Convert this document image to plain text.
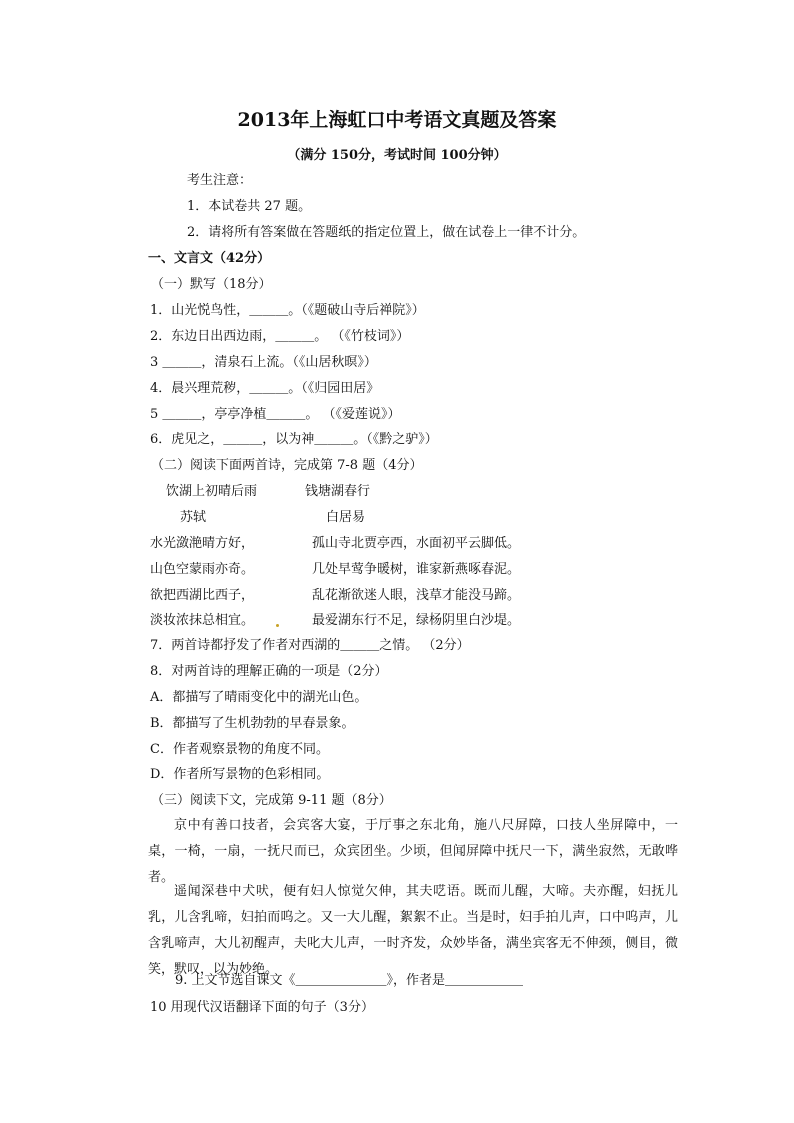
2013年上海虹口中考语文真题及答案
（满分 150分，考试时间 100分钟）
考生注意：
1．本试卷共 27 题。
2．请将所有答案做在答题纸的指定位置上，做在试卷上一律不计分。
一、文言文（42分）
（一）默写（18分）
1．山光悦鸟性，＿＿＿。（《题破山寺后禅院》）
2．东边日出西边雨，＿＿＿。 （《竹枝词》）
3 ＿＿＿，清泉石上流。（《山居秋暝》）
4．晨兴理荒秽，＿＿＿。（《归园田居》
5 ＿＿＿，亭亭净植＿＿＿。 （《爱莲说》）
6．虎见之，＿＿＿，以为神＿＿＿。（《黔之驴》）
（二）阅读下面两首诗，完成第 7-8 题（4分）
饮湖上初晴后雨	钱塘湖春行
苏轼	白居易
水光潋滟晴方好，	孤山寺北贾亭西，水面初平云脚低。
山色空蒙雨亦奇。	几处早莺争暖树，谁家新燕啄春泥。
欲把西湖比西子，	乱花渐欲迷人眼，浅草才能没马蹄。
淡妆浓抹总相宜。	最爱湖东行不足，绿杨阴里白沙堤。
7．两首诗都抒发了作者对西湖的＿＿＿之情。 （2分）
8．对两首诗的理解正确的一项是（2分）
A．都描写了晴雨变化中的湖光山色。
B．都描写了生机勃勃的早春景象。
C．作者观察景物的角度不同。
D．作者所写景物的色彩相同。
（三）阅读下文，完成第 9-11 题（8分）
京中有善口技者，会宾客大宴，于厅事之东北角，施八尺屏障，口技人坐屏障中，一桌，一椅，一扇，一抚尺而已，众宾团坐。少顷，但闻屏障中抚尺一下，满坐寂然，无敢哗者。
遥闻深巷中犬吠，便有妇人惊觉欠伸，其夫呓语。既而儿醒，大啼。夫亦醒，妇抚儿乳，儿含乳啼，妇拍而呜之。又一大儿醒，絮絮不止。当是时，妇手拍儿声，口中呜声，儿含乳啼声，大儿初醒声，夫叱大儿声，一时齐发，众妙毕备，满坐宾客无不伸颈，侧目，微笑，默叹，以为妙绝。
9. 上文节选自课文《＿＿＿＿＿＿＿》，作者是＿＿＿＿＿＿
10 用现代汉语翻译下面的句子（3分）
